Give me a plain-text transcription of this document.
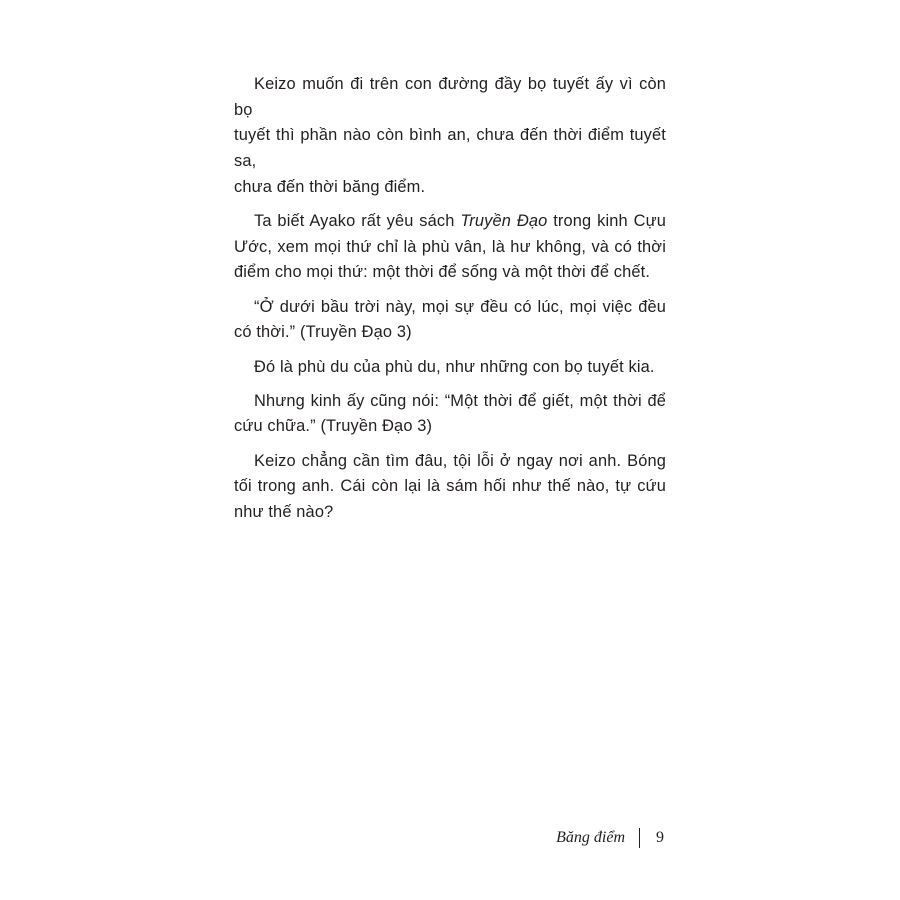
Keizo muốn đi trên con đường đầy bọ tuyết ấy vì còn bọ
tuyết thì phần nào còn bình an, chưa đến thời điểm tuyết sa,
chưa đến thời băng điểm.

Ta biết Ayako rất yêu sách Truyền Đạo trong kinh Cựu Ước, xem mọi thứ chỉ là phù vân, là hư không, và có thời điểm cho mọi thứ: một thời để sống và một thời để chết.

“Ở dưới bầu trời này, mọi sự đều có lúc, mọi việc đều có thời.” (Truyền Đạo 3)

Đó là phù du của phù du, như những con bọ tuyết kia.

Nhưng kinh ấy cũng nói: “Một thời để giết, một thời để cứu chữa.” (Truyền Đạo 3)

Keizo chẳng cần tìm đâu, tội lỗi ở ngay nơi anh. Bóng tối trong anh. Cái còn lại là sám hối như thế nào, tự cứu như thế nào?

Băng điểm 9
